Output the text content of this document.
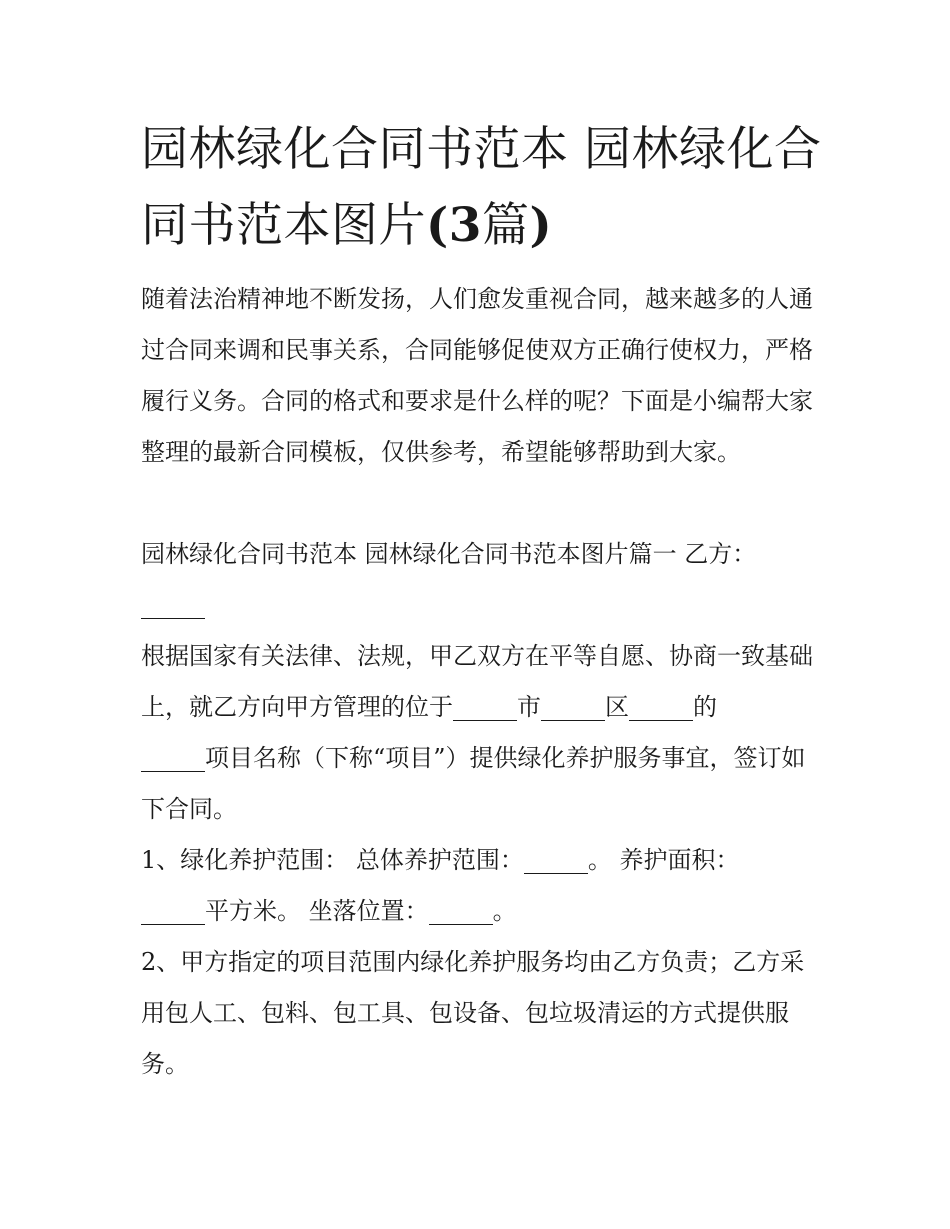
园林绿化合同书范本 园林绿化合同书范本图片(3篇)

随着法治精神地不断发扬，人们愈发重视合同，越来越多的人通过合同来调和民事关系，合同能够促使双方正确行使权力，严格履行义务。合同的格式和要求是什么样的呢？下面是小编帮大家整理的最新合同模板，仅供参考，希望能够帮助到大家。

园林绿化合同书范本 园林绿化合同书范本图片篇一 乙方：

根据国家有关法律、法规，甲乙双方在平等自愿、协商一致基础上，就乙方向甲方管理的位于	市	区	的
项目名称（下称“项目”）提供绿化养护服务事宜，签订如下合同。

1、绿化养护范围： 总体养护范围：	。 养护面积：
平方米。 坐落位置：	。

2、甲方指定的项目范围内绿化养护服务均由乙方负责；乙方采用包人工、包料、包工具、包设备、包垃圾清运的方式提供服务。
